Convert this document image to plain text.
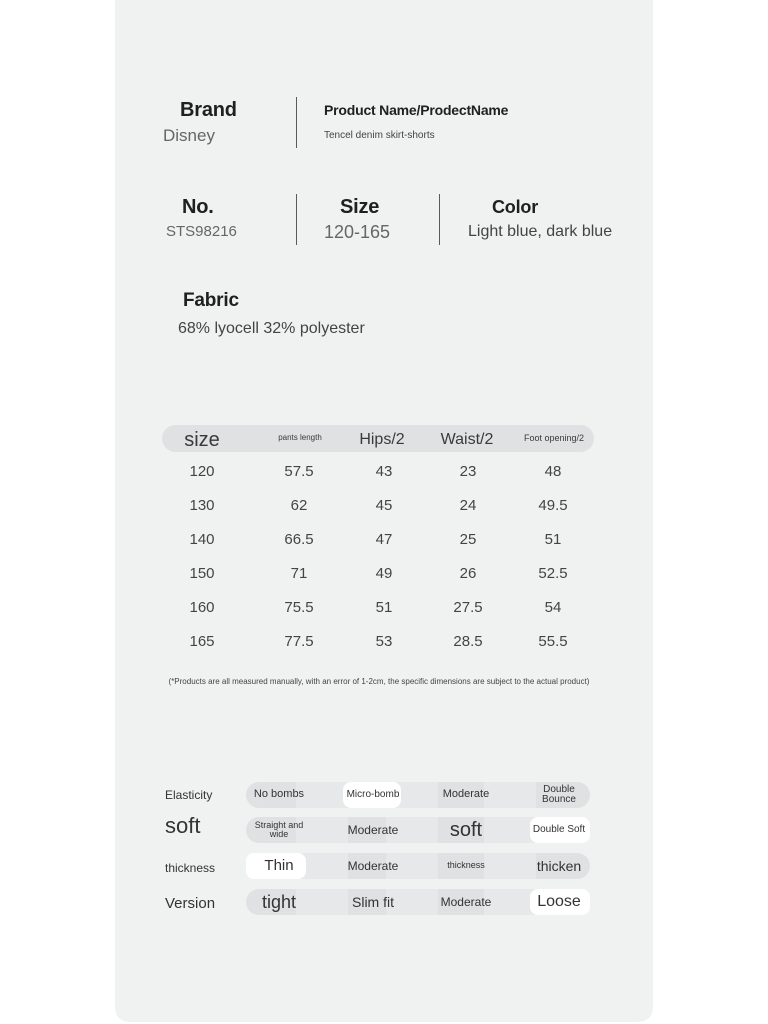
Brand
Disney
Product Name/ProdectName
Tencel denim skirt-shorts
No.
STS98216
Size
120-165
Color
Light blue, dark blue
Fabric
68% lyocell 32% polyester
size	pants length	Hips/2	Waist/2	Foot opening/2
120	57.5	43	23	48
130	62	45	24	49.5
140	66.5	47	25	51
150	71	49	26	52.5
160	75.5	51	27.5	54
165	77.5	53	28.5	55.5
(*Products are all measured manually, with an error of 1-2cm, the specific dimensions are subject to the actual product)
Elasticity	No bombs	Micro-bomb	Moderate	Double Bounce
soft	Straight and wide	Moderate	soft	Double Soft
thickness	Thin	Moderate	thickness	thicken
Version	tight	Slim fit	Moderate	Loose
